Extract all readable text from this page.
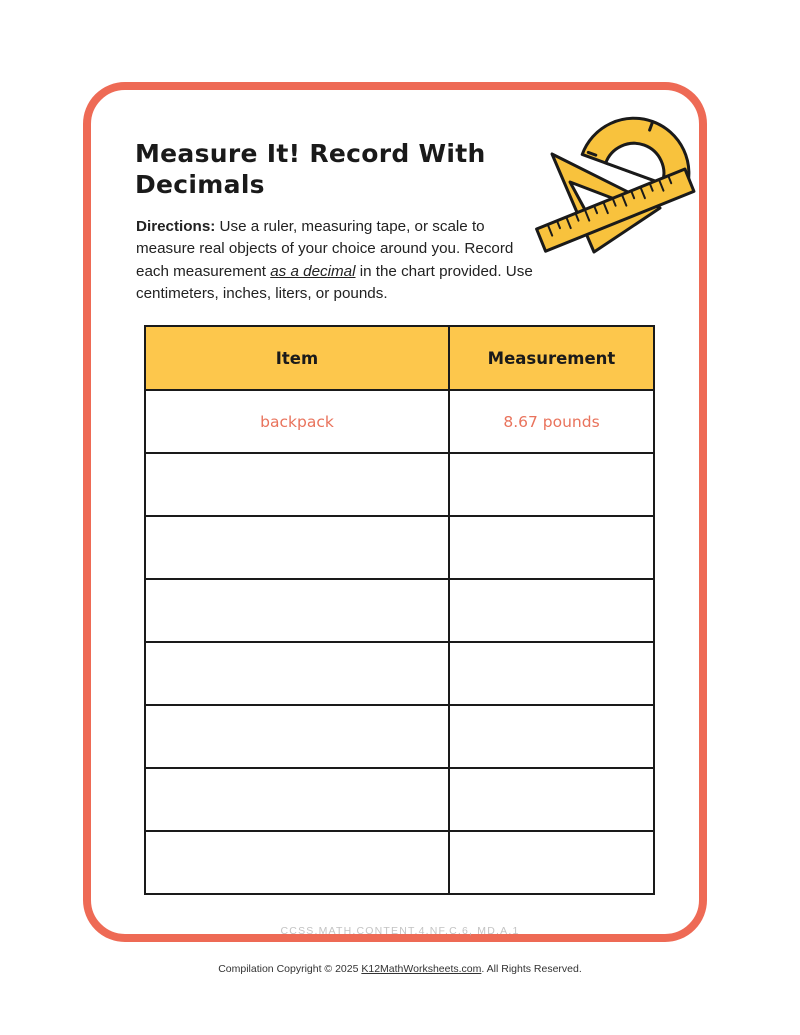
Measure It! Record With Decimals

Directions: Use a ruler, measuring tape, or scale to measure real objects of your choice around you. Record each measurement as a decimal in the chart provided. Use centimeters, inches, liters, or pounds.

Item	Measurement
backpack	8.67 pounds

CCSS.MATH.CONTENT.4.NF.C.6, MD.A.1
Compilation Copyright © 2025 K12MathWorksheets.com. All Rights Reserved.
